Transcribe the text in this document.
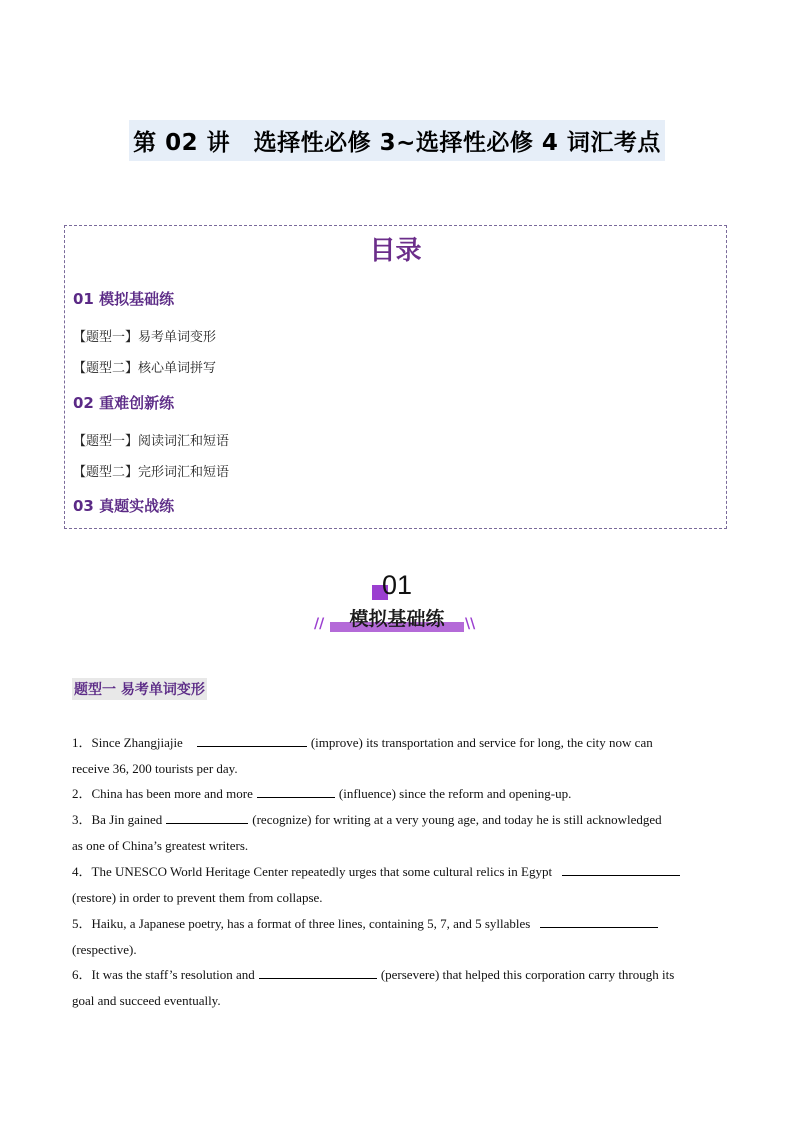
第 02 讲　选择性必修 3~选择性必修 4 词汇考点
目录
01 模拟基础练
【题型一】易考单词变形
【题型二】核心单词拼写
02 重难创新练
【题型一】阅读词汇和短语
【题型二】完形词汇和短语
03 真题实战练
01
//	\\
模拟基础练
题型一 易考单词变形
1．Since Zhangjiajie	(improve) its transportation and service for long, the city now can
receive 36, 200 tourists per day.
2．China has been more and more	(influence) since the reform and opening-up.
3．Ba Jin gained	(recognize) for writing at a very young age, and today he is still acknowledged
as one of China’s greatest writers.
4．The UNESCO World Heritage Center repeatedly urges that some cultural relics in Egypt
(restore) in order to prevent them from collapse.
5．Haiku, a Japanese poetry, has a format of three lines, containing 5, 7, and 5 syllables
(respective).
6．It was the staff’s resolution and	(persevere) that helped this corporation carry through its
goal and succeed eventually.
